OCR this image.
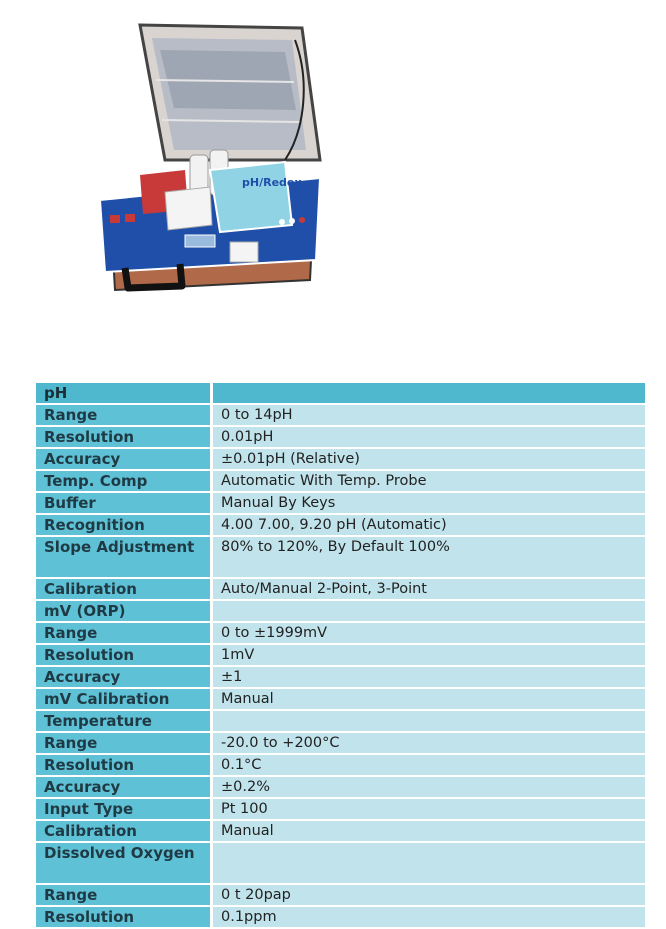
pH/Redox
pH	
Range	0 to 14pH
Resolution	0.01pH
Accuracy	±0.01pH (Relative)
Temp. Comp	Automatic With Temp. Probe
Buffer	Manual By Keys
Recognition	4.00 7.00, 9.20 pH (Automatic)
Slope Adjustment	80% to 120%, By Default 100%
Calibration	Auto/Manual 2-Point, 3-Point
mV (ORP)	
Range	0 to ±1999mV
Resolution	1mV
Accuracy	±1
mV Calibration	Manual
Temperature	
Range	-20.0 to +200°C
Resolution	0.1°C
Accuracy	±0.2%
Input Type	Pt 100
Calibration	Manual
Dissolved Oxygen	
Range	0 t 20pap
Resolution	0.1ppm
